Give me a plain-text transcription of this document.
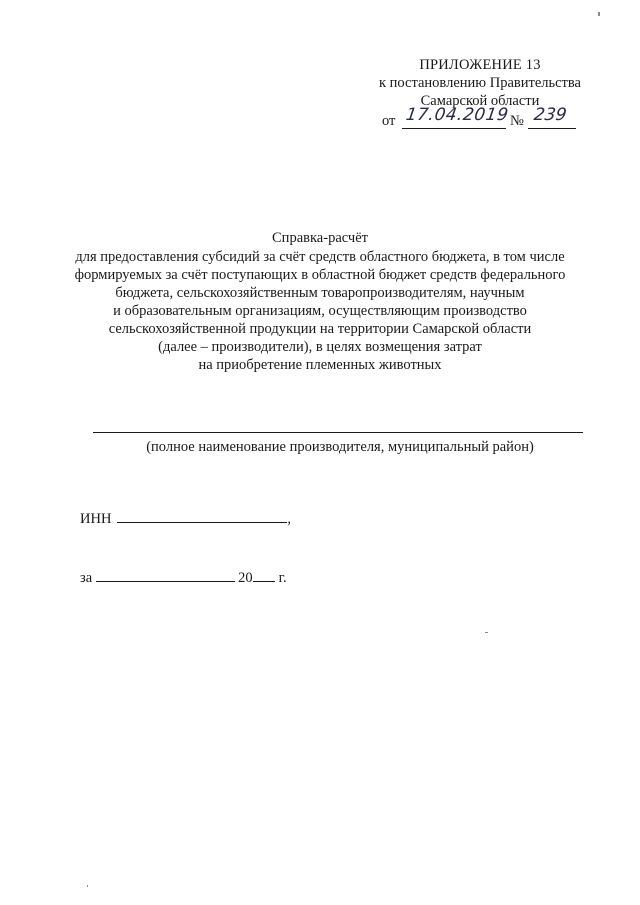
ПРИЛОЖЕНИЕ 13
к постановлению Правительства
Самарской области
от 17.04.2019 № 239
Справка-расчёт
для предоставления субсидий за счёт средств областного бюджета, в том числе
формируемых за счёт поступающих в областной бюджет средств федерального
бюджета, сельскохозяйственным товаропроизводителям, научным
и образовательным организациям, осуществляющим производство
сельскохозяйственной продукции на территории Самарской области
(далее – производители), в целях возмещения затрат
на приобретение племенных животных
(полное наименование производителя, муниципальный район)
ИНН	,
за	20 г.
